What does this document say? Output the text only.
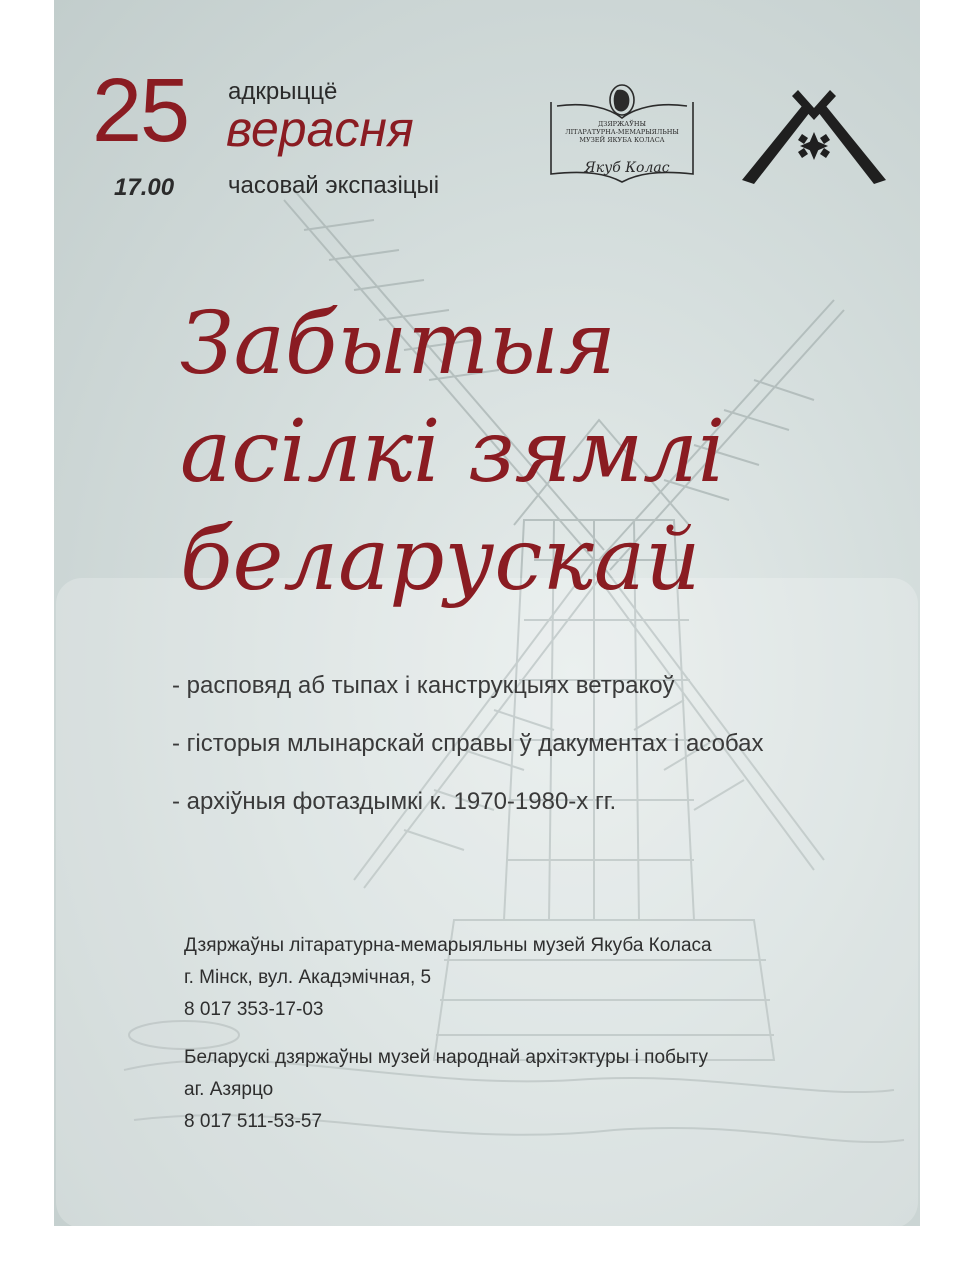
25 адкрыццё
верасня
17.00 часовай экспазіцыі
ДЗЯРЖАЎНЫ
ЛІТАРАТУРНА-МЕМАРЫЯЛЬНЫ
МУЗЕЙ ЯКУБА КОЛАСА
Якуб Колас
Забытыя
асілкі зямлі
беларускай
- расповяд аб тыпах і канструкцыях ветракоў
- гісторыя млынарскай справы ў дакументах і асобах
- архіўныя фотаздымкі к. 1970-1980-х гг.
Дзяржаўны літаратурна-мемарыяльны музей Якуба Коласа
г. Мінск, вул. Акадэмічная, 5
8 017 353-17-03
Беларускі дзяржаўны музей народнай архітэктуры і побыту
аг. Азярцо
8 017 511-53-57
